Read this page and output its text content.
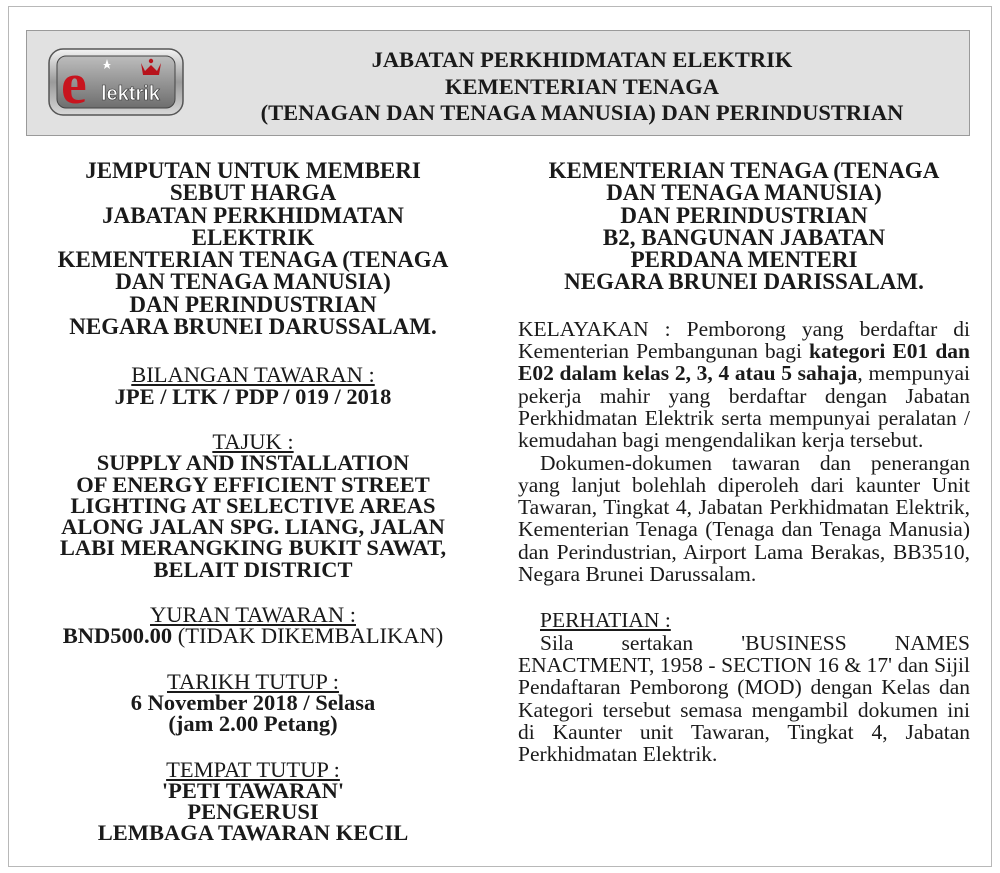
e lektrik
JABATAN PERKHIDMATAN ELEKTRIK
KEMENTERIAN TENAGA
(TENAGAN DAN TENAGA MANUSIA) DAN PERINDUSTRIAN
JEMPUTAN UNTUK MEMBERI
SEBUT HARGA
JABATAN PERKHIDMATAN
ELEKTRIK
KEMENTERIAN TENAGA (TENAGA
DAN TENAGA MANUSIA)
DAN PERINDUSTRIAN
NEGARA BRUNEI DARUSSALAM.
BILANGAN TAWARAN :
JPE / LTK / PDP / 019 / 2018
TAJUK :
SUPPLY AND INSTALLATION
OF ENERGY EFFICIENT STREET
LIGHTING AT SELECTIVE AREAS
ALONG JALAN SPG. LIANG, JALAN
LABI MERANGKING BUKIT SAWAT,
BELAIT DISTRICT
YURAN TAWARAN :
BND500.00 (TIDAK DIKEMBALIKAN)
TARIKH TUTUP :
6 November 2018 / Selasa
(jam 2.00 Petang)
TEMPAT TUTUP :
'PETI TAWARAN'
PENGERUSI
LEMBAGA TAWARAN KECIL
KEMENTERIAN TENAGA (TENAGA
DAN TENAGA MANUSIA)
DAN PERINDUSTRIAN
B2, BANGUNAN JABATAN
PERDANA MENTERI
NEGARA BRUNEI DARISSALAM.
KELAYAKAN : Pemborong yang berdaftar di Kementerian Pembangunan bagi kategori E01 dan E02 dalam kelas 2, 3, 4 atau 5 sahaja, mempunyai pekerja mahir yang berdaftar dengan Jabatan Perkhidmatan Elektrik serta mempunyai peralatan / kemudahan bagi mengendalikan kerja tersebut.
Dokumen-dokumen tawaran dan penerangan yang lanjut bolehlah diperoleh dari kaunter Unit Tawaran, Tingkat 4, Jabatan Perkhidmatan Elektrik, Kementerian Tenaga (Tenaga dan Tenaga Manusia) dan Perindustrian, Airport Lama Berakas, BB3510, Negara Brunei Darussalam.
PERHATIAN :
Sila sertakan 'BUSINESS NAMES ENACTMENT, 1958 - SECTION 16 & 17' dan Sijil Pendaftaran Pemborong (MOD) dengan Kelas dan Kategori tersebut semasa mengambil dokumen ini di Kaunter unit Tawaran, Tingkat 4, Jabatan Perkhidmatan Elektrik.
